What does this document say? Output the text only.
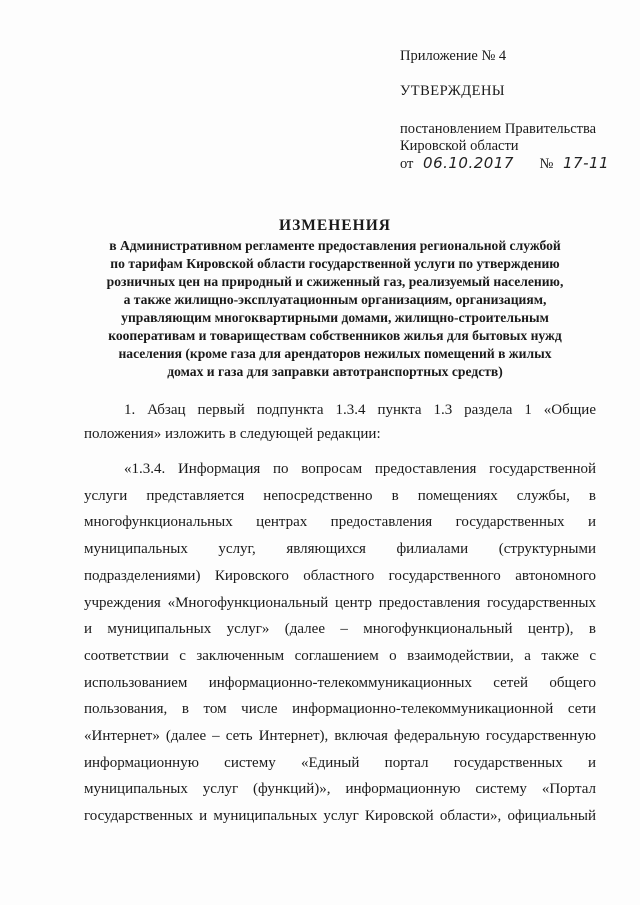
Приложение № 4
УТВЕРЖДЕНЫ
постановлением Правительства
Кировской области
от 06.10.2017 № 17-11
ИЗМЕНЕНИЯ
в Административном регламенте предоставления региональной службой
по тарифам Кировской области государственной услуги по утверждению
розничных цен на природный и сжиженный газ, реализуемый населению,
а также жилищно-эксплуатационным организациям, организациям,
управляющим многоквартирными домами, жилищно-строительным
кооперативам и товариществам собственников жилья для бытовых нужд
населения (кроме газа для арендаторов нежилых помещений в жилых
домах и газа для заправки автотранспортных средств)
1. Абзац первый подпункта 1.3.4 пункта 1.3 раздела 1 «Общие
положения» изложить в следующей редакции:
«1.3.4. Информация по вопросам предоставления государственной
услуги представляется непосредственно в помещениях службы, в
многофункциональных центрах предоставления государственных и
муниципальных услуг, являющихся филиалами (структурными
подразделениями) Кировского областного государственного автономного
учреждения «Многофункциональный центр предоставления государственных
и муниципальных услуг» (далее – многофункциональный центр), в
соответствии с заключенным соглашением о взаимодействии, а также с
использованием информационно-телекоммуникационных сетей общего
пользования, в том числе информационно-телекоммуникационной сети
«Интернет» (далее – сеть Интернет), включая федеральную государственную
информационную систему «Единый портал государственных и
муниципальных услуг (функций)», информационную систему «Портал
государственных и муниципальных услуг Кировской области», официальный
